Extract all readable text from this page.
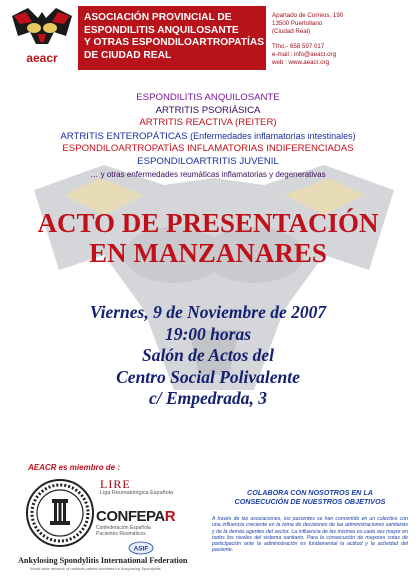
aeacr
ASOCIACIÓN PROVINCIAL DE
ESPONDILITIS ANQUILOSANTE
Y OTRAS ESPONDILOARTROPATÍAS
DE CIUDAD REAL
Apartado de Correos, 190
13500 Puertollano
(Ciudad Real)
Tfno.- 658 597 017
e-mail : info@aeacr.org
web : www.aeacr.org
ESPONDILITIS ANQUILOSANTE
ARTRITIS PSORIÁSICA
ARTRITIS REACTIVA (REITER)
ARTRITIS ENTEROPÁTICAS (Enfermedades inflamatorias intestinales)
ESPONDILOARTROPATÍAS INFLAMATORIAS INDIFERENCIADAS
ESPONDILOARTRITIS JUVENIL
… y otras enfermedades reumáticas inflamatorias y degenerativas
ACTO DE PRESENTACIÓN
EN MANZANARES
Viernes, 9 de Noviembre de 2007
19:00 horas
Salón de Actos del
Centro Social Polivalente
c/ Empedrada, 3
AEACR es miembro de :
LIRE
Liga Reumatológica Española
CONFEPAR
Confederación Española
Pacientes Reumáticos
ASIF
Ankylosing Spondylitis International Federation
World wide network of national patient societies for Ankylosing Spondylitis
COLABORA CON NOSOTROS EN LA
CONSECUCIÓN DE NUESTROS OBJETIVOS
A través de las asociaciones, los pacientes se han convertido en un colectivo con una influencia creciente en la toma de decisiones de las administraciones sanitarias y de la demás agentes del sector. La influencia de las mismas es cada vez mayor en todos los niveles del sistema sanitario. Para la consecución de mayores cotas de participación ante la administración es fundamental la actitud y la actividad del paciente.
